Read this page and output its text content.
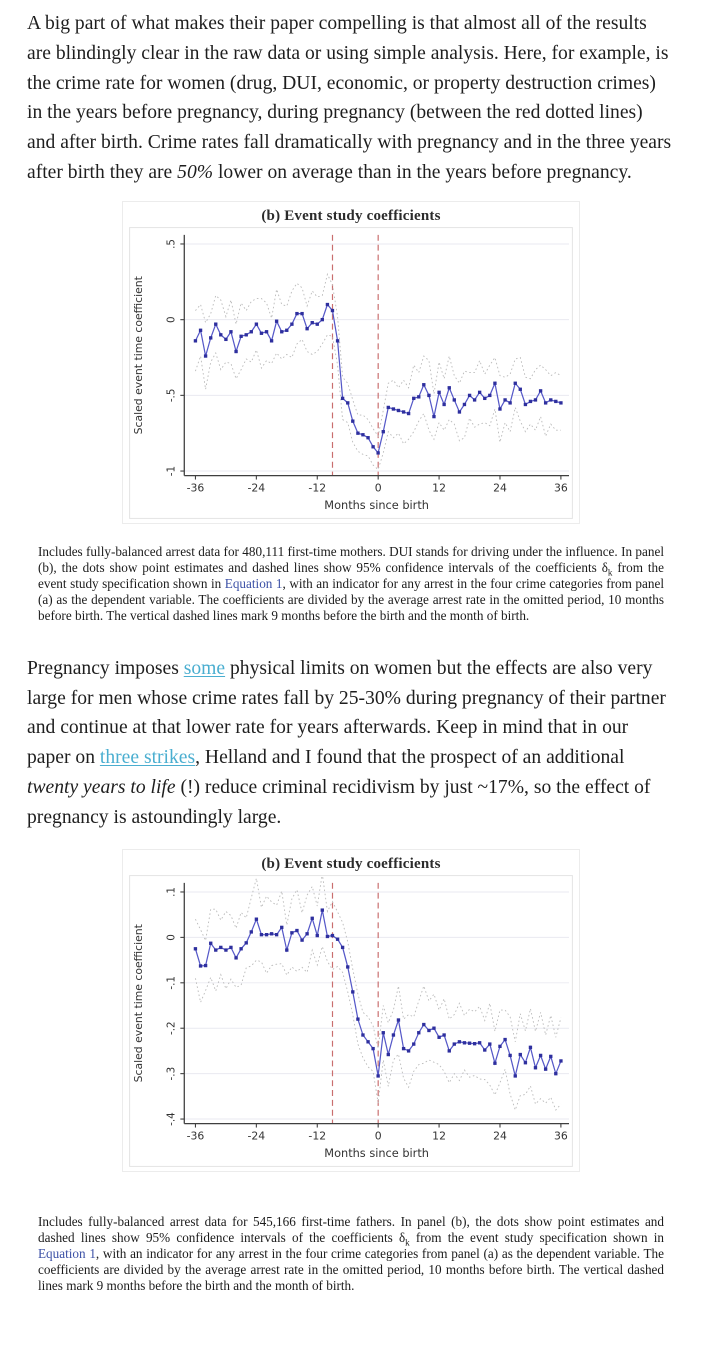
A big part of what makes their paper compelling is that almost all of the results are blindingly clear in the raw data or using simple analysis. Here, for example, is the crime rate for women (drug, DUI, economic, or property destruction crimes) in the years before pregnancy, during pregnancy (between the red dotted lines) and after birth. Crime rates fall dramatically with pregnancy and in the three years after birth they are 50% lower on average than in the years before pregnancy.

(b) Event study coefficients
.5
0
-.5
-1
-36	-24	-12	0	12	24	36
Scaled event time coefficient
Months since birth
Includes fully-balanced arrest data for 480,111 first-time mothers. DUI stands for driving under the influence. In panel (b), the dots show point estimates and dashed lines show 95% confidence intervals of the coefficients $\delta_k$ from the event study specification shown in Equation 1, with an indicator for any arrest in the four crime categories from panel (a) as the dependent variable. The coefficients are divided by the average arrest rate in the omitted period, 10 months before birth. The vertical dashed lines mark 9 months before the birth and the month of birth.

Pregnancy imposes some physical limits on women but the effects are also very large for men whose crime rates fall by 25-30% during pregnancy of their partner and continue at that lower rate for years afterwards. Keep in mind that in our paper on three strikes, Helland and I found that the prospect of an additional twenty years to life (!) reduce criminal recidivism by just ~17%, so the effect of pregnancy is astoundingly large.

(b) Event study coefficients
.1
0
-.1
-.2
-.3
-.4
-36	-24	-12	0	12	24	36
Scaled event time coefficient
Months since birth
Includes fully-balanced arrest data for 545,166 first-time fathers. In panel (b), the dots show point estimates and dashed lines show 95% confidence intervals of the coefficients $\delta_k$ from the event study specification shown in Equation 1, with an indicator for any arrest in the four crime categories from panel (a) as the dependent variable. The coefficients are divided by the average arrest rate in the omitted period, 10 months before birth. The vertical dashed lines mark 9 months before the birth and the month of birth.
